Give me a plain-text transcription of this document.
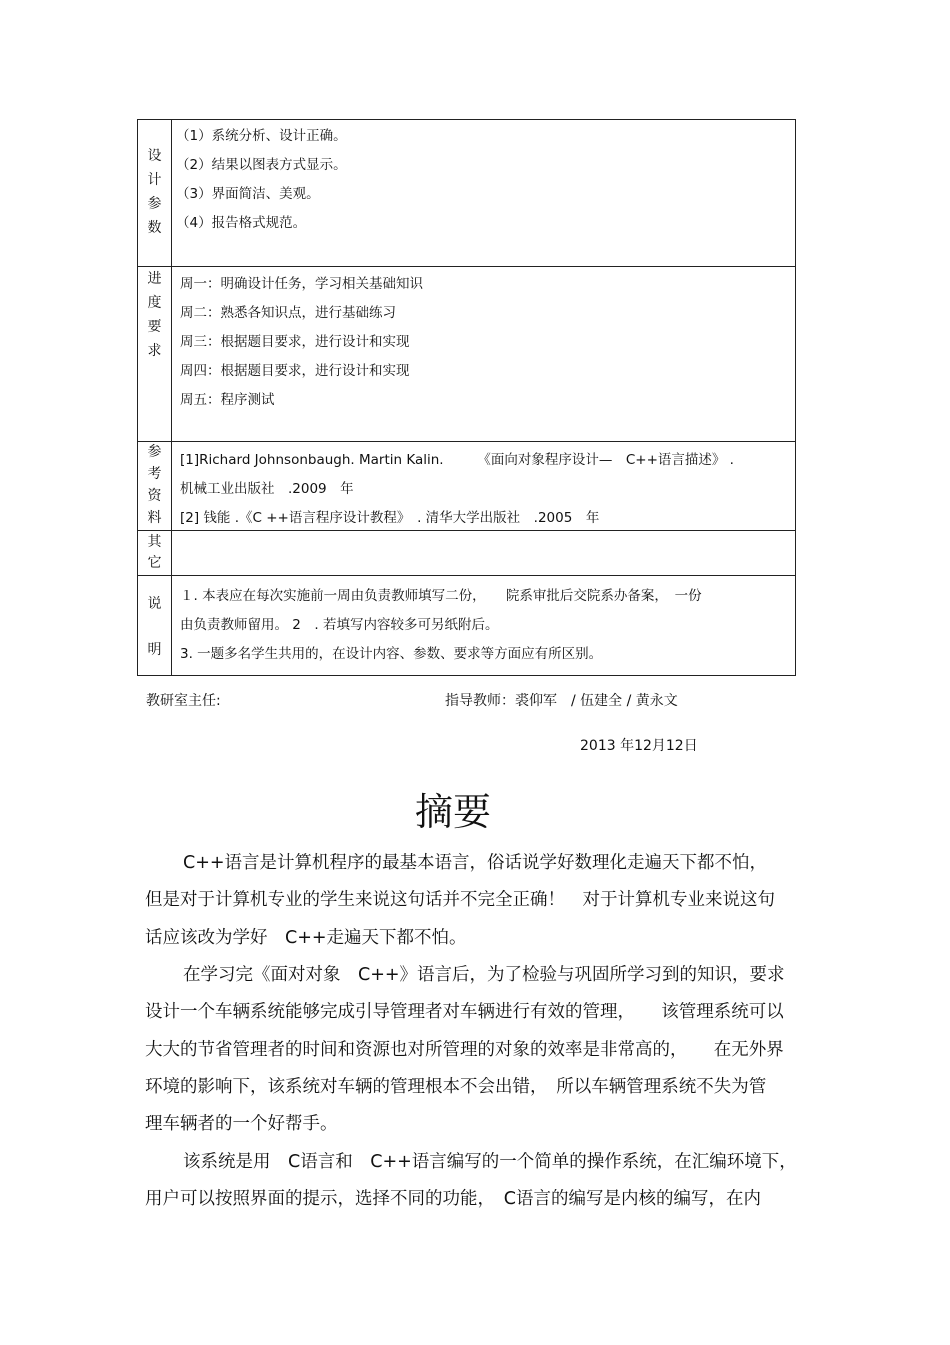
设
计
参
数	（1）系统分析、设计正确。
（2）结果以图表方式显示。
（3）界面简洁、美观。
（4）报告格式规范。

进
度
要
求	周一：明确设计任务，学习相关基础知识
周二：熟悉各知识点，进行基础练习
周三：根据题目要求，进行设计和实现
周四：根据题目要求，进行设计和实现
周五：程序测试

参
考
资
料	[1]Richard Johnsonbaugh. Martin Kalin.　　　《面向对象程序设计—　C++语言描述》 .
机械工业出版社　.2009　年
[2] 钱能 .《C ++语言程序设计教程》　. 清华大学出版社　.2005　年

其
它	

说
明	１. 本表应在每次实施前一周由负责教师填写二份，　　院系审批后交院系办备案，　一份
由负责教师留用。 2　. 若填写内容较多可另纸附后。
3. 一题多名学生共用的，在设计内容、参数、要求等方面应有所区别。
教研室主任:	指导教师：裘仰军　/ 伍建全 / 黄永文
2013 年12月12日
摘要
C++语言是计算机程序的最基本语言，俗话说学好数理化走遍天下都不怕，
但是对于计算机专业的学生来说这句话并不完全正确！　对于计算机专业来说这句
话应该改为学好　C++走遍天下都不怕。
在学习完《面对对象　C++》语言后，为了检验与巩固所学习到的知识，要求
设计一个车辆系统能够完成引导管理者对车辆进行有效的管理，　　该管理系统可以
大大的节省管理者的时间和资源也对所管理的对象的效率是非常高的，　　在无外界
环境的影响下，该系统对车辆的管理根本不会出错，　所以车辆管理系统不失为管
理车辆者的一个好帮手。
该系统是用　C语言和　C++语言编写的一个简单的操作系统，在汇编环境下，
用户可以按照界面的提示，选择不同的功能，　C语言的编写是内核的编写，在内
